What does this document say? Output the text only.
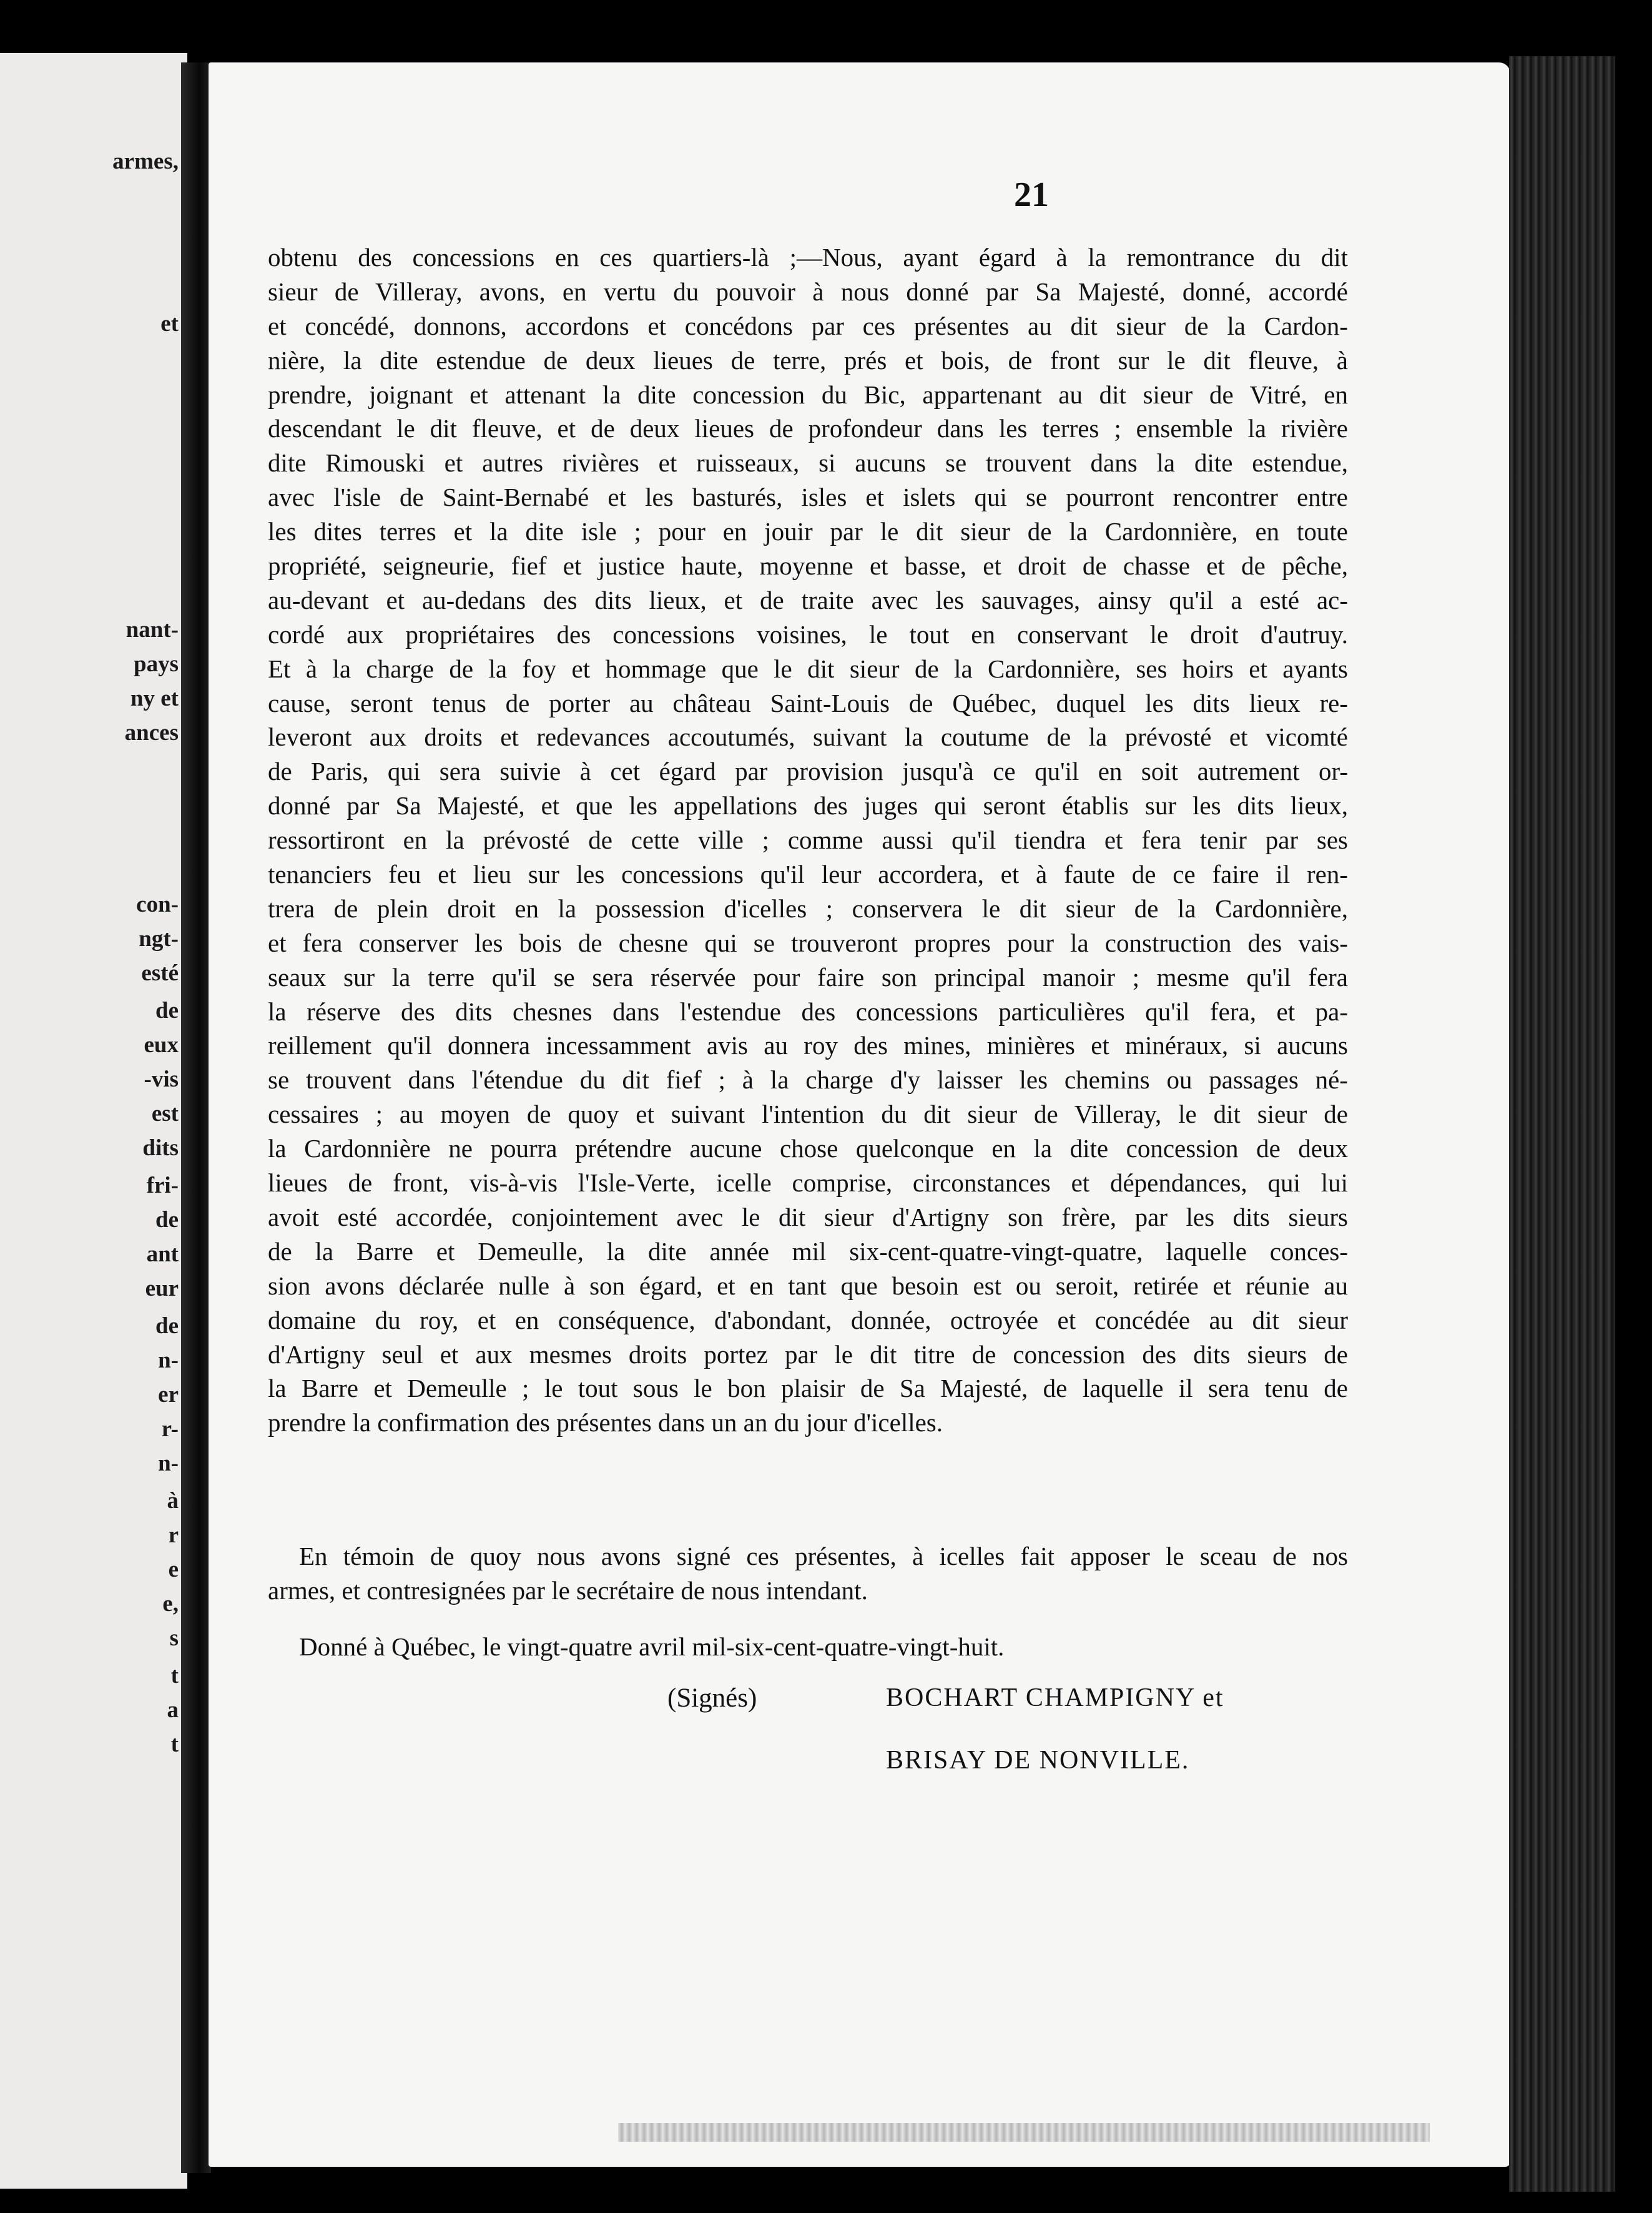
armes,
et
nant-
pays
ny et
ances
con-
ngt-
esté
de
eux
-vis
est
dits
fri-
de
ant
eur
de
n-
er
r-
n-
à
r
e
e,
s
t
a
t
21
obtenu des concessions en ces quartiers-là ;—Nous, ayant égard à la remontrance du dit
sieur de Villeray, avons, en vertu du pouvoir à nous donné par Sa Majesté, donné, accordé
et concédé, donnons, accordons et concédons par ces présentes au dit sieur de la Cardon-
nière, la dite estendue de deux lieues de terre, prés et bois, de front sur le dit fleuve, à
prendre, joignant et attenant la dite concession du Bic, appartenant au dit sieur de Vitré, en
descendant le dit fleuve, et de deux lieues de profondeur dans les terres ; ensemble la rivière
dite Rimouski et autres rivières et ruisseaux, si aucuns se trouvent dans la dite estendue,
avec l'isle de Saint-Bernabé et les basturés, isles et islets qui se pourront rencontrer entre
les dites terres et la dite isle ; pour en jouir par le dit sieur de la Cardonnière, en toute
propriété, seigneurie, fief et justice haute, moyenne et basse, et droit de chasse et de pêche,
au-devant et au-dedans des dits lieux, et de traite avec les sauvages, ainsy qu'il a esté ac-
cordé aux propriétaires des concessions voisines, le tout en conservant le droit d'autruy.
Et à la charge de la foy et hommage que le dit sieur de la Cardonnière, ses hoirs et ayants
cause, seront tenus de porter au château Saint-Louis de Québec, duquel les dits lieux re-
leveront aux droits et redevances accoutumés, suivant la coutume de la prévosté et vicomté
de Paris, qui sera suivie à cet égard par provision jusqu'à ce qu'il en soit autrement or-
donné par Sa Majesté, et que les appellations des juges qui seront établis sur les dits lieux,
ressortiront en la prévosté de cette ville ; comme aussi qu'il tiendra et fera tenir par ses
tenanciers feu et lieu sur les concessions qu'il leur accordera, et à faute de ce faire il ren-
trera de plein droit en la possession d'icelles ; conservera le dit sieur de la Cardonnière,
et fera conserver les bois de chesne qui se trouveront propres pour la construction des vais-
seaux sur la terre qu'il se sera réservée pour faire son principal manoir ; mesme qu'il fera
la réserve des dits chesnes dans l'estendue des concessions particulières qu'il fera, et pa-
reillement qu'il donnera incessamment avis au roy des mines, minières et minéraux, si aucuns
se trouvent dans l'étendue du dit fief ; à la charge d'y laisser les chemins ou passages né-
cessaires ; au moyen de quoy et suivant l'intention du dit sieur de Villeray, le dit sieur de
la Cardonnière ne pourra prétendre aucune chose quelconque en la dite concession de deux
lieues de front, vis-à-vis l'Isle-Verte, icelle comprise, circonstances et dépendances, qui lui
avoit esté accordée, conjointement avec le dit sieur d'Artigny son frère, par les dits sieurs
de la Barre et Demeulle, la dite année mil six-cent-quatre-vingt-quatre, laquelle conces-
sion avons déclarée nulle à son égard, et en tant que besoin est ou seroit, retirée et réunie au
domaine du roy, et en conséquence, d'abondant, donnée, octroyée et concédée au dit sieur
d'Artigny seul et aux mesmes droits portez par le dit titre de concession des dits sieurs de
la Barre et Demeulle ; le tout sous le bon plaisir de Sa Majesté, de laquelle il sera tenu de
prendre la confirmation des présentes dans un an du jour d'icelles.
En témoin de quoy nous avons signé ces présentes, à icelles fait apposer le sceau de nos
armes, et contresignées par le secrétaire de nous intendant.
Donné à Québec, le vingt-quatre avril mil-six-cent-quatre-vingt-huit.
(Signés)	BOCHART CHAMPIGNY et
BRISAY DE NONVILLE.
